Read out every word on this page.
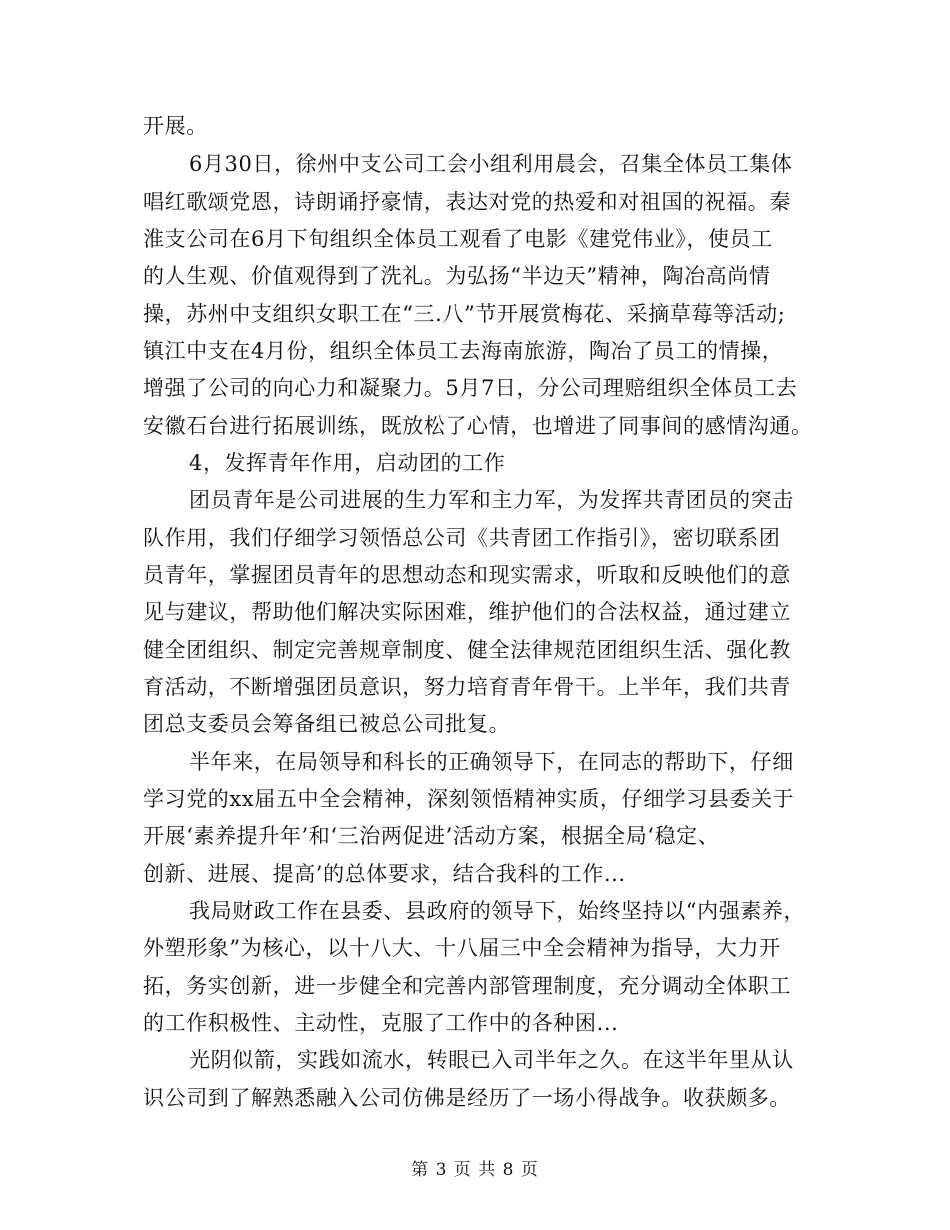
开展。
6月30日，徐州中支公司工会小组利用晨会，召集全体员工集体
唱红歌颂党恩，诗朗诵抒豪情，表达对党的热爱和对祖国的祝福。秦
淮支公司在6月下旬组织全体员工观看了电影《建党伟业》，使员工
的人生观、价值观得到了洗礼。为弘扬“半边天”精神，陶冶高尚情
操，苏州中支组织女职工在“三.八”节开展赏梅花、采摘草莓等活动;
镇江中支在4月份，组织全体员工去海南旅游，陶冶了员工的情操，
增强了公司的向心力和凝聚力。5月7日，分公司理赔组织全体员工去
安徽石台进行拓展训练，既放松了心情，也增进了同事间的感情沟通。
4，发挥青年作用，启动团的工作
团员青年是公司进展的生力军和主力军，为发挥共青团员的突击
队作用，我们仔细学习领悟总公司《共青团工作指引》，密切联系团
员青年，掌握团员青年的思想动态和现实需求，听取和反映他们的意
见与建议，帮助他们解决实际困难，维护他们的合法权益，通过建立
健全团组织、制定完善规章制度、健全法律规范团组织生活、强化教
育活动，不断增强团员意识，努力培育青年骨干。上半年，我们共青
团总支委员会筹备组已被总公司批复。
半年来，在局领导和科长的正确领导下，在同志的帮助下，仔细
学习党的xx届五中全会精神，深刻领悟精神实质，仔细学习县委关于
开展‘素养提升年’和‘三治两促进’活动方案，根据全局‘稳定、
创新、进展、提高’的总体要求，结合我科的工作...
我局财政工作在县委、县政府的领导下，始终坚持以“内强素养，
外塑形象”为核心，以十八大、十八届三中全会精神为指导，大力开
拓，务实创新，进一步健全和完善内部管理制度，充分调动全体职工
的工作积极性、主动性，克服了工作中的各种困...
光阴似箭，实践如流水，转眼已入司半年之久。在这半年里从认
识公司到了解熟悉融入公司仿佛是经历了一场小得战争。收获颇多。
第 3 页 共 8 页
